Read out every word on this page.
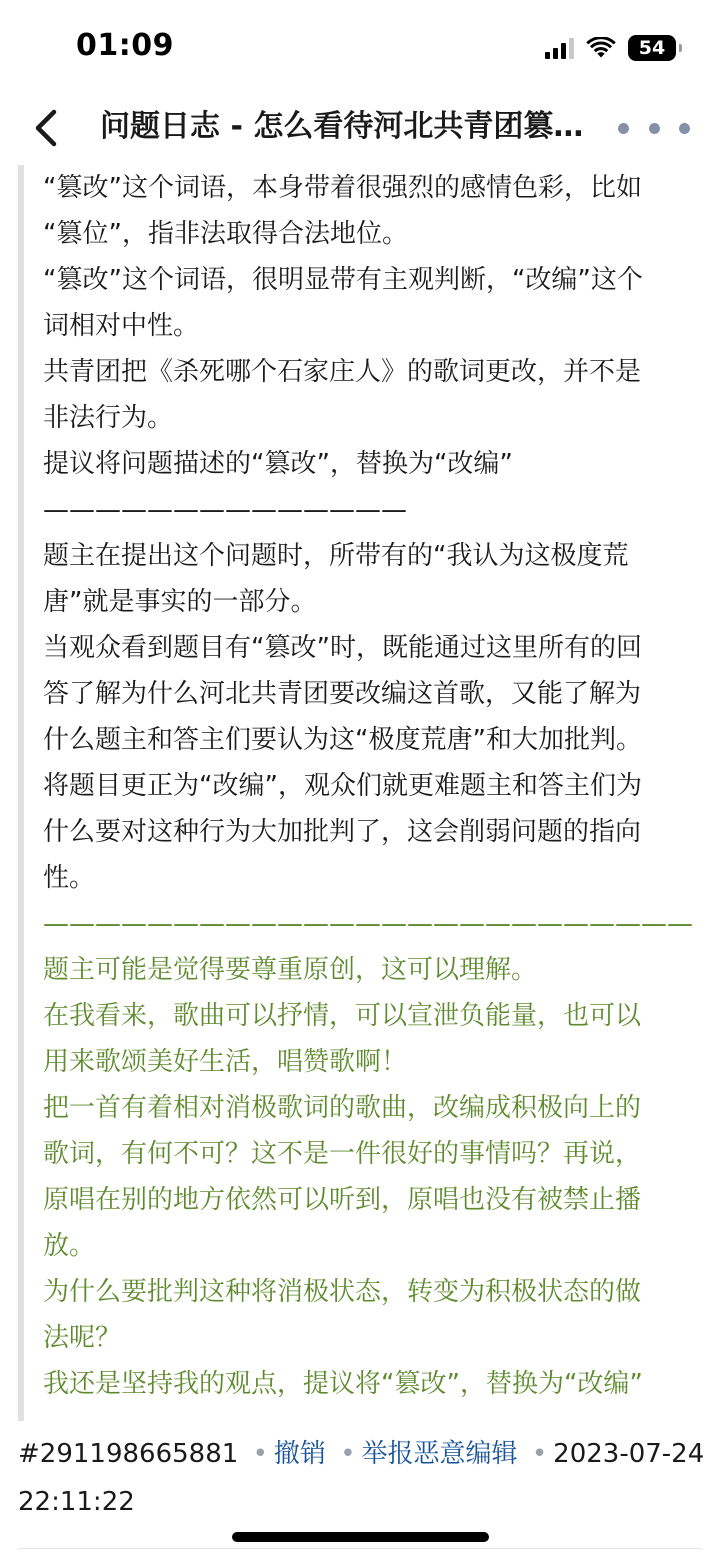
01:09	54
问题日志 - 怎么看待河北共青团篡…
“篡改”这个词语，本身带着很强烈的感情色彩，比如
“篡位”，指非法取得合法地位。
“篡改”这个词语，很明显带有主观判断，“改编”这个
词相对中性。
共青团把《杀死哪个石家庄人》的歌词更改，并不是
非法行为。
提议将问题描述的“篡改”，替换为“改编”
——————————————
题主在提出这个问题时，所带有的“我认为这极度荒
唐”就是事实的一部分。
当观众看到题目有“篡改”时，既能通过这里所有的回
答了解为什么河北共青团要改编这首歌，又能了解为
什么题主和答主们要认为这“极度荒唐”和大加批判。
将题目更正为“改编”，观众们就更难题主和答主们为
什么要对这种行为大加批判了，这会削弱问题的指向
性。
—————————————————————————
题主可能是觉得要尊重原创，这可以理解。
在我看来，歌曲可以抒情，可以宣泄负能量，也可以
用来歌颂美好生活，唱赞歌啊！
把一首有着相对消极歌词的歌曲，改编成积极向上的
歌词，有何不可？这不是一件很好的事情吗？再说，
原唱在别的地方依然可以听到，原唱也没有被禁止播
放。
为什么要批判这种将消极状态，转变为积极状态的做
法呢？
我还是坚持我的观点，提议将“篡改”，替换为“改编”
#291198665881 • 撤销 • 举报恶意编辑 • 2023-07-24
22:11:22
